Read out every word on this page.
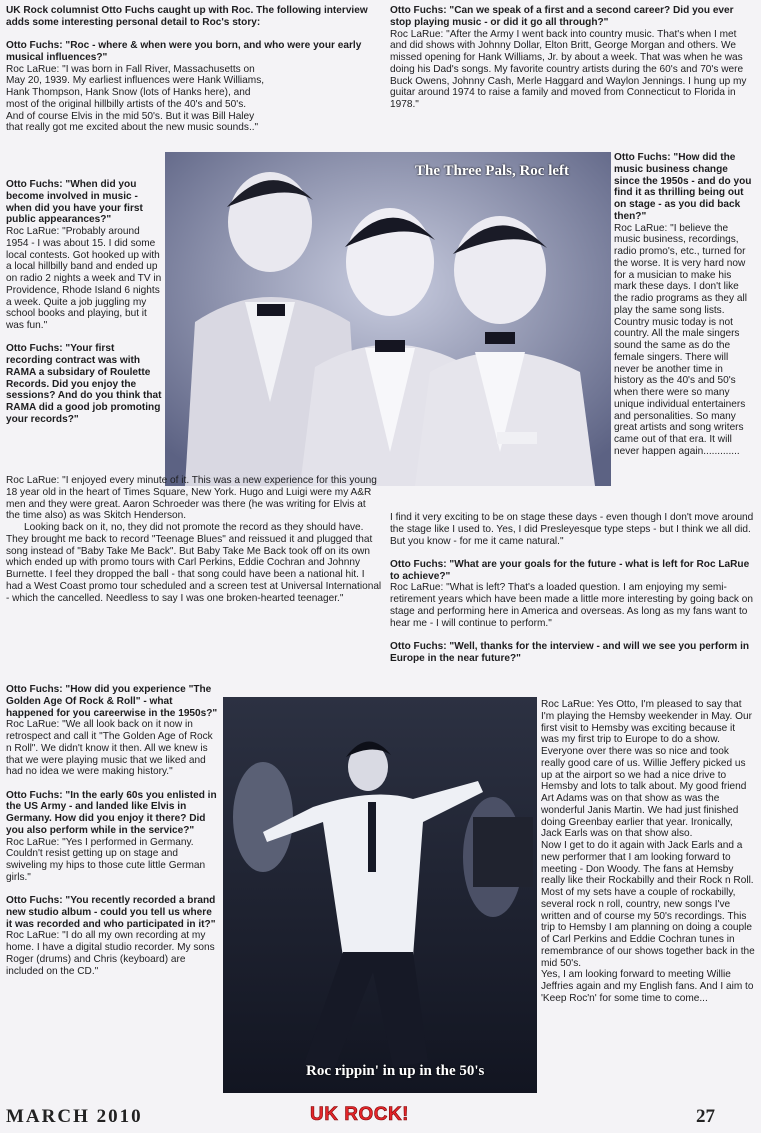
UK Rock columnist Otto Fuchs caught up with Roc. The following interview adds some interesting personal detail to Roc's story:

Otto Fuchs: "Roc - where & when were you born, and who were your early musical influences?"
Roc LaRue: "I was born in Fall River, Massachusetts on May 20, 1939. My earliest influences were Hank Williams, Hank Thompson, Hank Snow (lots of Hanks here), and most of the original hillbilly artists of the 40's and 50's. And of course Elvis in the mid 50's. But it was Bill Haley that really got me excited about the new music sounds.."

The Three Pals, Roc left

Otto Fuchs: "When did you become involved in music - when did you have your first public appearances?"
Roc LaRue: "Probably around 1954 - I was about 15. I did some local contests. Got hooked up with a local hillbilly band and ended up on radio 2 nights a week and TV in Providence, Rhode Island 6 nights a week. Quite a job juggling my school books and playing, but it was fun."

Otto Fuchs: "Your first recording contract was with RAMA a subsidary of Roulette Records. Did you enjoy the sessions? And do you think that RAMA did a good job promoting your records?"

Roc LaRue: "I enjoyed every minute of it. This was a new experience for this young 18 year old in the heart of Times Square, New York. Hugo and Luigi were my A&R men and they were great. Aaron Schroeder was there (he was writing for Elvis at the time also) as was Skitch Henderson.
Looking back on it, no, they did not promote the record as they should have. They brought me back to record "Teenage Blues" and reissued it and plugged that song instead of "Baby Take Me Back". But Baby Take Me Back took off on its own which ended up with promo tours with Carl Perkins, Eddie Cochran and Johnny Burnette. I feel they dropped the ball - that song could have been a national hit. I had a West Coast promo tour scheduled and a screen test at Universal International - which the cancelled. Needless to say I was one broken-hearted teenager."

Otto Fuchs: "Can we speak of a first and a second career? Did you ever stop playing music - or did it go all through?"
Roc LaRue: "After the Army I went back into country music. That's when I met and did shows with Johnny Dollar, Elton Britt, George Morgan and others. We missed opening for Hank Williams, Jr. by about a week. That was when he was doing his Dad's songs. My favorite country artists during the 60's and 70's were Buck Owens, Johnny Cash, Merle Haggard and Waylon Jennings. I hung up my guitar around 1974 to raise a family and moved from Connecticut to Florida in 1978."

Otto Fuchs: "How did the music business change since the 1950s - and do you find it as thrilling being out on stage - as you did back then?"
Roc LaRue: "I believe the music business, recordings, radio promo's, etc., turned for the worse. It is very hard now for a musician to make his mark these days. I don't like the radio programs as they all play the same song lists. Country music today is not country. All the male singers sound the same as do the female singers. There will never be another time in history as the 40's and 50's when there were so many unique individual entertainers and personalities. So many great artists and song writers came out of that era. It will never happen again.............

I find it very exciting to be on stage these days - even though I don't move around the stage like I used to. Yes, I did Presleyesque type steps - but I think we all did. But you know - for me it came natural."

Otto Fuchs: "What are your goals for the future - what is left for Roc LaRue to achieve?"
Roc LaRue: "What is left? That's a loaded question. I am enjoying my semi-retirement years which have been made a little more interesting by going back on stage and performing here in America and overseas. As long as my fans want to hear me - I will continue to perform."

Otto Fuchs: "Well, thanks for the interview - and will we see you perform in Europe in the near future?"

Roc rippin' in up in the 50's

Otto Fuchs: "How did you experience "The Golden Age Of Rock & Roll" - what happened for you careerwise in the 1950s?"
Roc LaRue: "We all look back on it now in retrospect and call it "The Golden Age of Rock n Roll". We didn't know it then. All we knew is that we were playing music that we liked and had no idea we were making history."

Otto Fuchs: "In the early 60s you enlisted in the US Army - and landed like Elvis in Germany. How did you enjoy it there? Did you also perform while in the service?"
Roc LaRue: "Yes I performed in Germany. Couldn't resist getting up on stage and swiveling my hips to those cute little German girls."

Otto Fuchs: "You recently recorded a brand new studio album - could you tell us where it was recorded and who participated in it?"
Roc LaRue: "I do all my own recording at my home. I have a digital studio recorder. My sons Roger (drums) and Chris (keyboard) are included on the CD."

Roc LaRue: Yes Otto, I'm pleased to say that I'm playing the Hemsby weekender in May. Our first visit to Hemsby was exciting because it was my first trip to Europe to do a show. Everyone over there was so nice and took really good care of us. Willie Jeffery picked us up at the airport so we had a nice drive to Hemsby and lots to talk about. My good friend Art Adams was on that show as was the wonderful Janis Martin. We had just finished doing Greenbay earlier that year. Ironically, Jack Earls was on that show also.
Now I get to do it again with Jack Earls and a new performer that I am looking forward to meeting - Don Woody. The fans at Hemsby really like their Rockabilly and their Rock n Roll. Most of my sets have a couple of rockabilly, several rock n roll, country, new songs I've written and of course my 50's recordings. This trip to Hemsby I am planning on doing a couple of Carl Perkins and Eddie Cochran tunes in remembrance of our shows together back in the mid 50's.
Yes, I am looking forward to meeting Willie Jeffries again and my English fans. And I aim to 'Keep Roc'n' for some time to come...
MARCH 2010	UK ROCK!	27
